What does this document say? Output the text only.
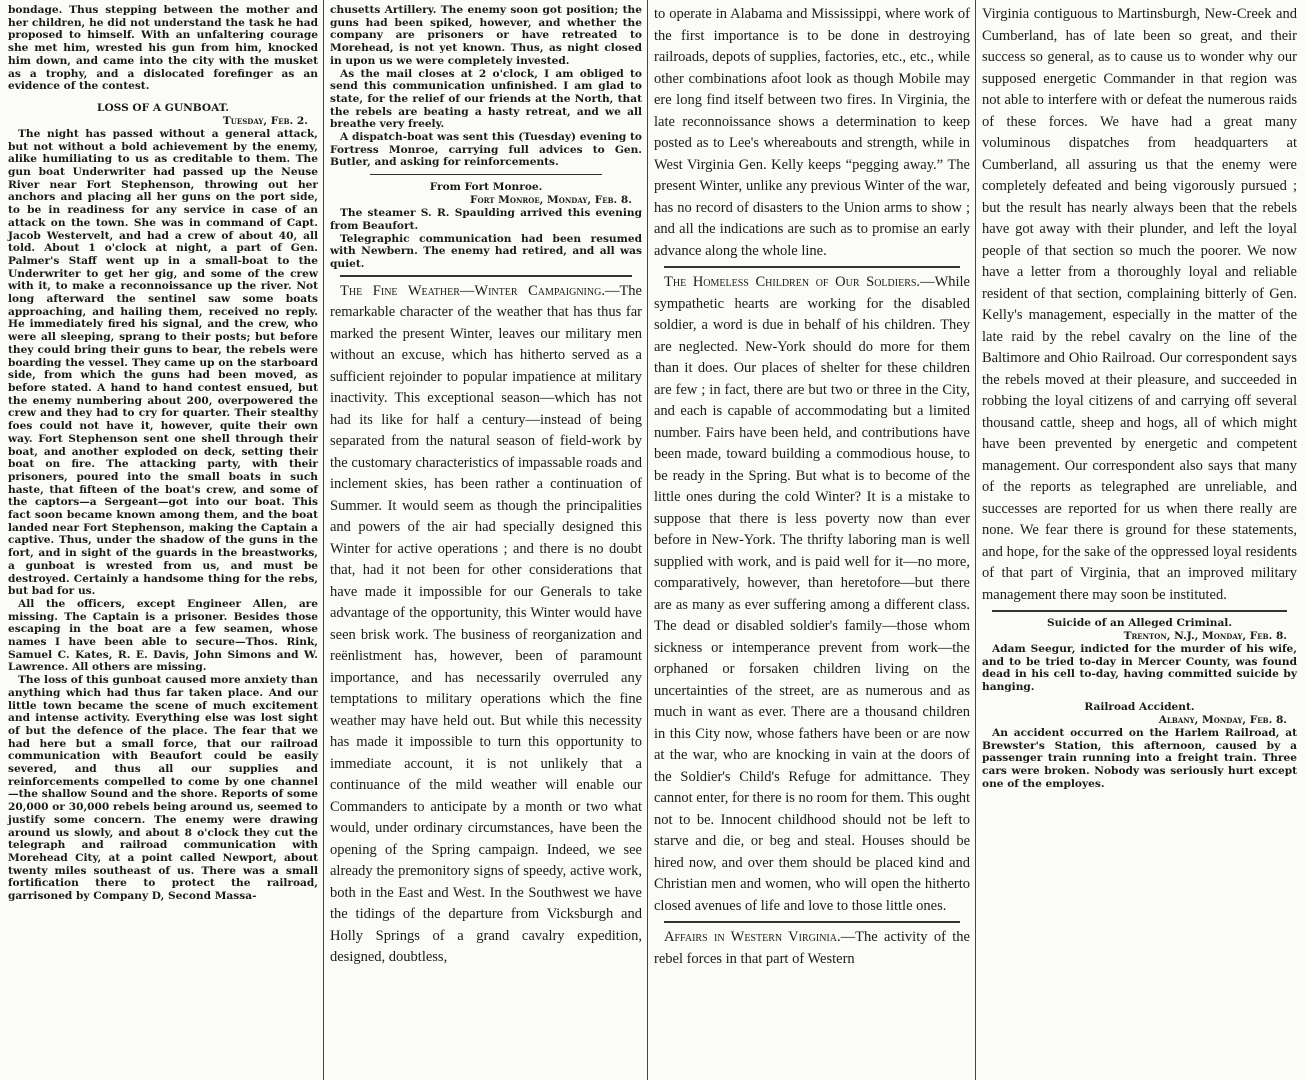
bondage. Thus stepping between the mother and her children, he did not understand the task he had proposed to himself. With an unfaltering courage she met him, wrested his gun from him, knocked him down, and came into the city with the musket as a trophy, and a dislocated forefinger as an evidence of the contest.

LOSS OF A GUNBOAT.
Tuesday, Feb. 2.

The night has passed without a general attack, but not without a bold achievement by the enemy, alike humiliating to us as creditable to them. The gun boat Underwriter had passed up the Neuse River near Fort Stephenson, throwing out her anchors and placing all her guns on the port side, to be in readiness for any service in case of an attack on the town. She was in command of Capt. Jacob Westervelt, and had a crew of about 40, all told. About 1 o'clock at night, a part of Gen. Palmer's Staff went up in a small-boat to the Underwriter to get her gig, and some of the crew with it, to make a reconnoissance up the river. Not long afterward the sentinel saw some boats approaching, and hailing them, received no reply. He immediately fired his signal, and the crew, who were all sleeping, sprang to their posts; but before they could bring their guns to bear, the rebels were boarding the vessel. They came up on the starboard side, from which the guns had been moved, as before stated. A hand to hand contest ensued, but the enemy numbering about 200, overpowered the crew and they had to cry for quarter. Their stealthy foes could not have it, however, quite their own way. Fort Stephenson sent one shell through their boat, and another exploded on deck, setting their boat on fire. The attacking party, with their prisoners, poured into the small boats in such haste, that fifteen of the boat's crew, and some of the captors—a Sergeant—got into our boat. This fact soon became known among them, and the boat landed near Fort Stephenson, making the Captain a captive. Thus, under the shadow of the guns in the fort, and in sight of the guards in the breastworks, a gunboat is wrested from us, and must be destroyed. Certainly a handsome thing for the rebs, but bad for us.

All the officers, except Engineer Allen, are missing. The Captain is a prisoner. Besides those escaping in the boat are a few seamen, whose names I have been able to secure—Thos. Rink, Samuel C. Kates, R. E. Davis, John Simons and W. Lawrence. All others are missing.

The loss of this gunboat caused more anxiety than anything which had thus far taken place. And our little town became the scene of much excitement and intense activity. Everything else was lost sight of but the defence of the place. The fear that we had here but a small force, that our railroad communication with Beaufort could be easily severed, and thus all our supplies and reinforcements compelled to come by one channel—the shallow Sound and the shore. Reports of some 20,000 or 30,000 rebels being around us, seemed to justify some concern. The enemy were drawing around us slowly, and about 8 o'clock they cut the telegraph and railroad communication with Morehead City, at a point called Newport, about twenty miles southeast of us. There was a small fortification there to protect the railroad, garrisoned by Company D, Second Massa-

chusetts Artillery. The enemy soon got position; the guns had been spiked, however, and whether the company are prisoners or have retreated to Morehead, is not yet known. Thus, as night closed in upon us we were completely invested.

As the mail closes at 2 o'clock, I am obliged to send this communication unfinished. I am glad to state, for the relief of our friends at the North, that the rebels are beating a hasty retreat, and we all breathe very freely.

A dispatch-boat was sent this (Tuesday) evening to Fortress Monroe, carrying full advices to Gen. Butler, and asking for reinforcements.

From Fort Monroe.
Fort Monroe, Monday, Feb. 8.

The steamer S. R. Spaulding arrived this evening from Beaufort.

Telegraphic communication had been resumed with Newbern. The enemy had retired, and all was quiet.

The Fine Weather—Winter Campaigning.—The remarkable character of the weather that has thus far marked the present Winter, leaves our military men without an excuse, which has hitherto served as a sufficient rejoinder to popular impatience at military inactivity. This exceptional season—which has not had its like for half a century—instead of being separated from the natural season of field-work by the customary characteristics of impassable roads and inclement skies, has been rather a continuation of Summer. It would seem as though the principalities and powers of the air had specially designed this Winter for active operations ; and there is no doubt that, had it not been for other considerations that have made it impossible for our Generals to take advantage of the opportunity, this Winter would have seen brisk work. The business of reorganization and reënlistment has, however, been of paramount importance, and has necessarily overruled any temptations to military operations which the fine weather may have held out. But while this necessity has made it impossible to turn this opportunity to immediate account, it is not unlikely that a continuance of the mild weather will enable our Commanders to anticipate by a month or two what would, under ordinary circumstances, have been the opening of the Spring campaign. Indeed, we see already the premonitory signs of speedy, active work, both in the East and West. In the Southwest we have the tidings of the departure from Vicksburgh and Holly Springs of a grand cavalry expedition, designed, doubtless,

to operate in Alabama and Mississippi, where work of the first importance is to be done in destroying railroads, depots of supplies, factories, etc., etc., while other combinations afoot look as though Mobile may ere long find itself between two fires. In Virginia, the late reconnoissance shows a determination to keep posted as to Lee's whereabouts and strength, while in West Virginia Gen. Kelly keeps “pegging away.” The present Winter, unlike any previous Winter of the war, has no record of disasters to the Union arms to show ; and all the indications are such as to promise an early advance along the whole line.

The Homeless Children of Our Soldiers.—While sympathetic hearts are working for the disabled soldier, a word is due in behalf of his children. They are neglected. New-York should do more for them than it does. Our places of shelter for these children are few ; in fact, there are but two or three in the City, and each is capable of accommodating but a limited number. Fairs have been held, and contributions have been made, toward building a commodious house, to be ready in the Spring. But what is to become of the little ones during the cold Winter? It is a mistake to suppose that there is less poverty now than ever before in New-York. The thrifty laboring man is well supplied with work, and is paid well for it—no more, comparatively, however, than heretofore—but there are as many as ever suffering among a different class. The dead or disabled soldier's family—those whom sickness or intemperance prevent from work—the orphaned or forsaken children living on the uncertainties of the street, are as numerous and as much in want as ever. There are a thousand children in this City now, whose fathers have been or are now at the war, who are knocking in vain at the doors of the Soldier's Child's Refuge for admittance. They cannot enter, for there is no room for them. This ought not to be. Innocent childhood should not be left to starve and die, or beg and steal. Houses should be hired now, and over them should be placed kind and Christian men and women, who will open the hitherto closed avenues of life and love to those little ones.

Affairs in Western Virginia.—The activity of the rebel forces in that part of Western

Virginia contiguous to Martinsburgh, New-Creek and Cumberland, has of late been so great, and their success so general, as to cause us to wonder why our supposed energetic Commander in that region was not able to interfere with or defeat the numerous raids of these forces. We have had a great many voluminous dispatches from headquarters at Cumberland, all assuring us that the enemy were completely defeated and being vigorously pursued ; but the result has nearly always been that the rebels have got away with their plunder, and left the loyal people of that section so much the poorer. We now have a letter from a thoroughly loyal and reliable resident of that section, complaining bitterly of Gen. Kelly's management, especially in the matter of the late raid by the rebel cavalry on the line of the Baltimore and Ohio Railroad. Our correspondent says the rebels moved at their pleasure, and succeeded in robbing the loyal citizens of and carrying off several thousand cattle, sheep and hogs, all of which might have been prevented by energetic and competent management. Our correspondent also says that many of the reports as telegraphed are unreliable, and successes are reported for us when there really are none. We fear there is ground for these statements, and hope, for the sake of the oppressed loyal residents of that part of Virginia, that an improved military management there may soon be instituted.

Suicide of an Alleged Criminal.
Trenton, N.J., Monday, Feb. 8.

Adam Seegur, indicted for the murder of his wife, and to be tried to-day in Mercer County, was found dead in his cell to-day, having committed suicide by hanging.

Railroad Accident.
Albany, Monday, Feb. 8.

An accident occurred on the Harlem Railroad, at Brewster's Station, this afternoon, caused by a passenger train running into a freight train. Three cars were broken. Nobody was seriously hurt except one of the employes.
